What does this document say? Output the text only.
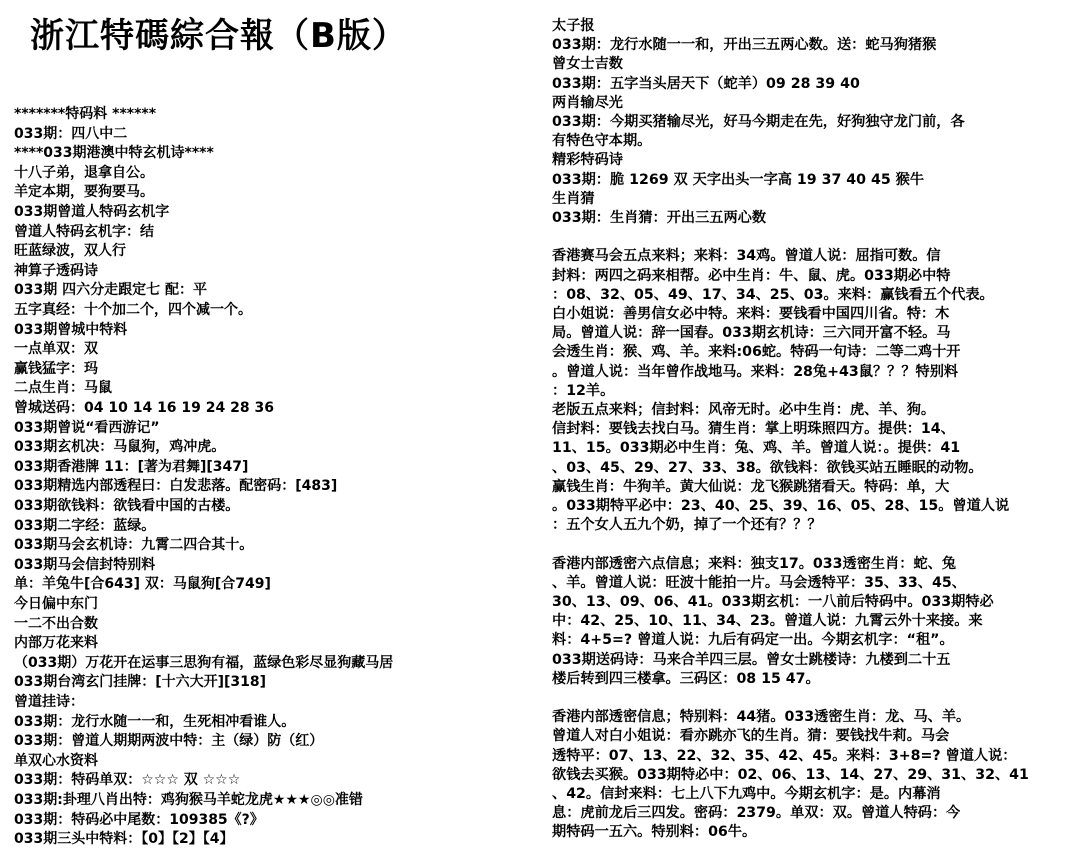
浙江特碼綜合報（B版）
*******特码料 ******
033期：四八中二
****033期港澳中特玄机诗****
十八子弟，退拿自公。
羊定本期，要狗要马。
033期曾道人特码玄机字
曾道人特码玄机字：结
旺蓝绿波，双人行
神算子透码诗
033期 四六分走跟定七 配：平
五字真经：十个加二个，四个减一个。
033期曾城中特料
一点单双：双
赢钱猛字：玛
二点生肖：马鼠
曾城送码：04 10 14 16 19 24 28 36
033期曾说“看西游记”
033期玄机决：马鼠狗，鸡冲虎。
033期香港牌 11：[著为君舞][347]
033期精选内部透程曰：白发悲落。配密码：[483]
033期欲钱料：欲钱看中国的古楼。
033期二字经：蓝绿。
033期马会玄机诗：九霄二四合其十。
033期马会信封特别料
单：羊兔牛[合643] 双：马鼠狗[合749]
今日偏中东门
一二不出合数
内部万花来料
（033期）万花开在运事三思狗有福，蓝绿色彩尽显狗藏马居
033期台湾玄门挂牌：[十六大开][318]
曾道挂诗：
033期：龙行水随一一和，生死相冲看谁人。
033期：曾道人期期两波中特：主（绿）防（红）
单双心水资料
033期：特码单双：☆☆☆ 双 ☆☆☆
033期:卦理八肖出特：鸡狗猴马羊蛇龙虎★★★◎◎准错
033期：特码必中尾数：109385《?》
033期三头中特料：【0】【2】【4】
太子报
033期：龙行水随一一和，开出三五两心数。送：蛇马狗猪猴
曾女士吉数
033期：五字当头居天下（蛇羊）09 28 39 40
两肖输尽光
033期：今期买猪输尽光，好马今期走在先，好狗独守龙门前，各
有特色守本期。
精彩特码诗
033期：脆 1269 双 天字出头一字高 19 37 40 45 猴牛
生肖猜
033期：生肖猜：开出三五两心数
香港赛马会五点来料；来料：34鸡。曾道人说：屈指可数。信
封料：两四之码来相帮。必中生肖：牛、鼠、虎。033期必中特
：08、32、05、49、17、34、25、03。来料：赢钱看五个代表。
白小姐说：善男信女必中特。来料：要钱看中国四川省。特：木
局。曾道人说：辞一国春。033期玄机诗：三六同开富不轻。马
会透生肖：猴、鸡、羊。来料:06蛇。特码一句诗：二等二鸡十开
。曾道人说：当年曾作战地马。来料：28兔+43鼠？？？特别料
：12羊。
老版五点来料；信封料：风帝无时。必中生肖：虎、羊、狗。
信封料：要钱去找白马。猜生肖：掌上明珠照四方。提供：14、
11、15。033期必中生肖：兔、鸡、羊。曾道人说：。提供：41
、03、45、29、27、33、38。欲钱料：欲钱买站五睡眠的动物。
赢钱生肖：牛狗羊。黄大仙说：龙飞猴跳猪看天。特码：单，大
。033期特平必中：23、40、25、39、16、05、28、15。曾道人说
：五个女人五九个奶，掉了一个还有？？？
香港内部透密六点信息；来料：独支17。033透密生肖：蛇、兔
、羊。曾道人说：旺波十能拍一片。马会透特平：35、33、45、
30、13、09、06、41。033期玄机：一八前后特码中。033期特必
中：42、25、10、11、34、23。曾道人说：九霄云外十来接。来
料：4+5=? 曾道人说：九后有码定一出。今期玄机字：“租”。
033期送码诗：马来合羊四三层。曾女士跳楼诗：九楼到二十五
楼后转到四三楼拿。三码区：08 15 47。
香港内部透密信息；特别料：44猪。033透密生肖：龙、马、羊。
曾道人对白小姐说：看亦跳亦飞的生肖。猜：要钱找牛莉。马会
透特平：07、13、22、32、35、42、45。来料：3+8=? 曾道人说：
欲钱去买猴。033期特必中：02、06、13、14、27、29、31、32、41
、42。信封来料：七上八下九鸡中。今期玄机字：是。内幕消
息：虎前龙后三四发。密码：2379。单双：双。曾道人特码：今
期特码一五六。特别料：06牛。
